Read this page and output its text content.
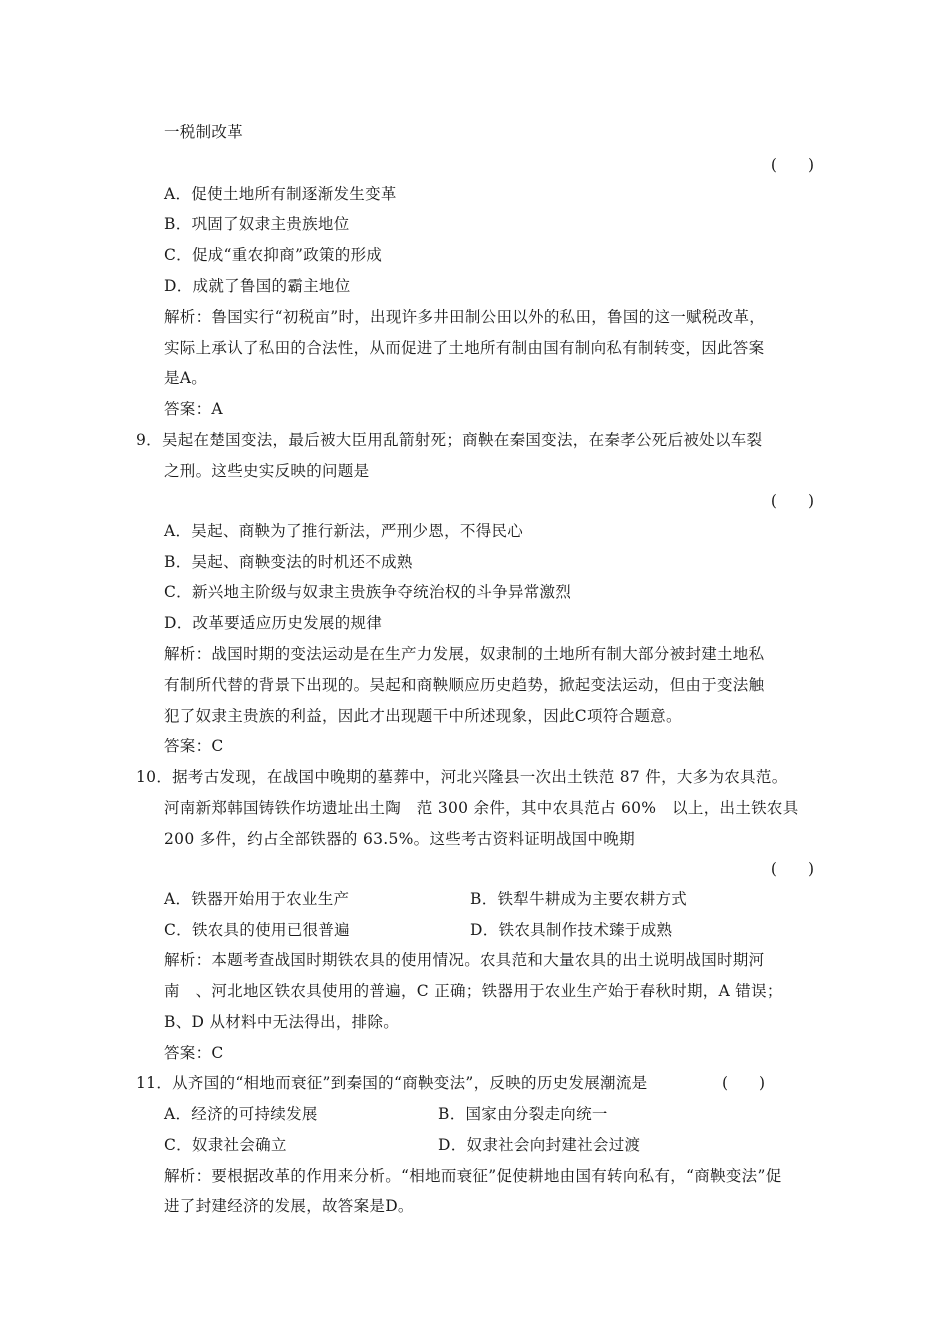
一税制改革
(　　)
A．促使土地所有制逐渐发生变革
B．巩固了奴隶主贵族地位
C．促成“重农抑商”政策的形成
D．成就了鲁国的霸主地位
解析：鲁国实行“初税亩”时，出现许多井田制公田以外的私田，鲁国的这一赋税改革，
实际上承认了私田的合法性，从而促进了土地所有制由国有制向私有制转变，因此答案
是A。
答案：A
9．吴起在楚国变法，最后被大臣用乱箭射死；商鞅在秦国变法，在秦孝公死后被处以车裂
之刑。这些史实反映的问题是
(　　)
A．吴起、商鞅为了推行新法，严刑少恩，不得民心
B．吴起、商鞅变法的时机还不成熟
C．新兴地主阶级与奴隶主贵族争夺统治权的斗争异常激烈
D．改革要适应历史发展的规律
解析：战国时期的变法运动是在生产力发展，奴隶制的土地所有制大部分被封建土地私
有制所代替的背景下出现的。吴起和商鞅顺应历史趋势，掀起变法运动，但由于变法触
犯了奴隶主贵族的利益，因此才出现题干中所述现象，因此C项符合题意。
答案：C
10．据考古发现，在战国中晚期的墓葬中，河北兴隆县一次出土铁范 87 件，大多为农具范。
河南新郑韩国铸铁作坊遗址出土陶　范 300 余件，其中农具范占 60%　以上，出土铁农具
200 多件，约占全部铁器的 63.5%。这些考古资料证明战国中晚期
(　　)
A．铁器开始用于农业生产	B．铁犁牛耕成为主要农耕方式
C．铁农具的使用已很普遍	D．铁农具制作技术臻于成熟
解析：本题考查战国时期铁农具的使用情况。农具范和大量农具的出土说明战国时期河
南　、河北地区铁农具使用的普遍，C 正确；铁器用于农业生产始于春秋时期，A 错误；
B、D 从材料中无法得出，排除。
答案：C
11．从齐国的“相地而衰征”到秦国的“商鞅变法”，反映的历史发展潮流是	(　　)
A．经济的可持续发展	B．国家由分裂走向统一
C．奴隶社会确立	D．奴隶社会向封建社会过渡
解析：要根据改革的作用来分析。“相地而衰征”促使耕地由国有转向私有，“商鞅变法”促
进了封建经济的发展，故答案是D。
